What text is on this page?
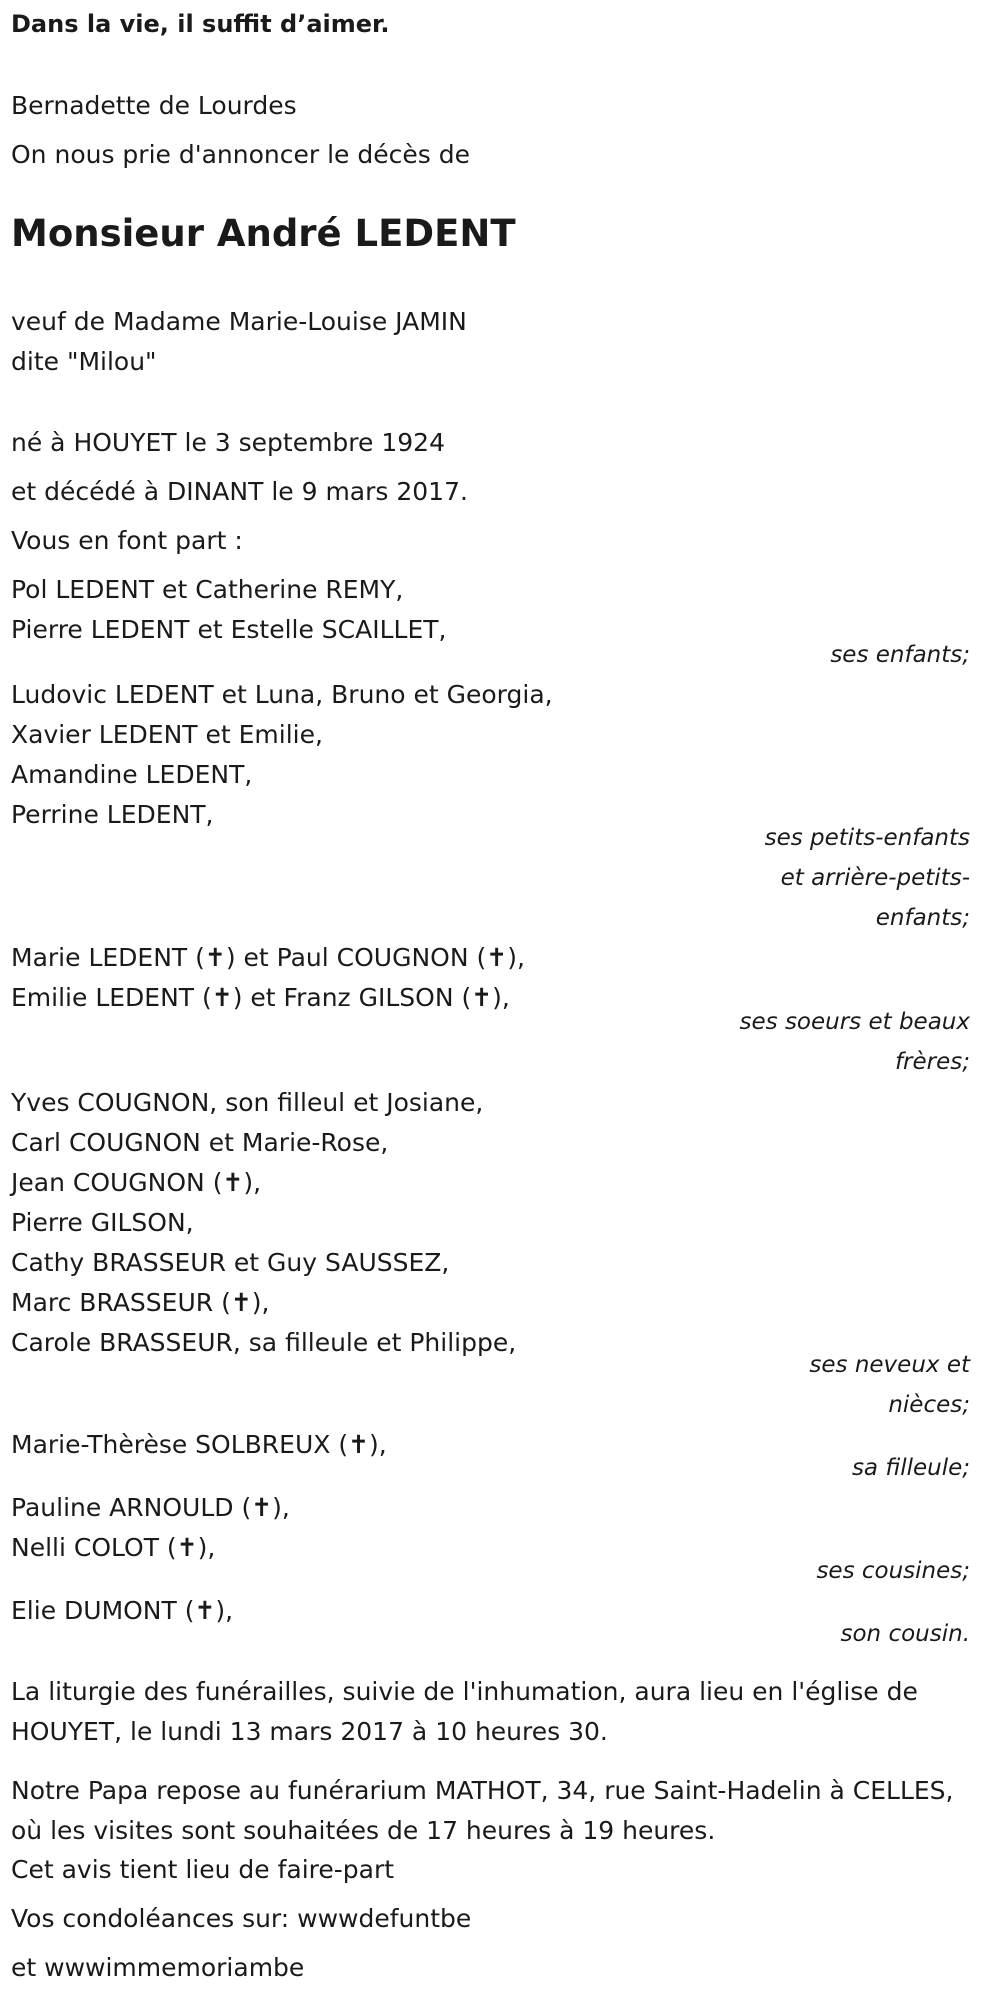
Dans la vie, il suffit d’aimer.

Bernadette de Lourdes

On nous prie d'annoncer le décès de

Monsieur André LEDENT

veuf de Madame Marie-Louise JAMIN

dite "Milou"

né à HOUYET le 3 septembre 1924

et décédé à DINANT le 9 mars 2017.

Vous en font part :

Pol LEDENT et Catherine REMY,

Pierre LEDENT et Estelle SCAILLET,

ses enfants;

Ludovic LEDENT et Luna, Bruno et Georgia,

Xavier LEDENT et Emilie,

Amandine LEDENT,

Perrine LEDENT,

ses petits-enfants

et arrière-petits-

enfants;

Marie LEDENT (✝) et Paul COUGNON (✝),

Emilie LEDENT (✝) et Franz GILSON (✝),

ses soeurs et beaux

frères;

Yves COUGNON, son filleul et Josiane,

Carl COUGNON et Marie-Rose,

Jean COUGNON (✝),

Pierre GILSON,

Cathy BRASSEUR et Guy SAUSSEZ,

Marc BRASSEUR (✝),

Carole BRASSEUR, sa filleule et Philippe,

ses neveux et

nièces;

Marie-Thèrèse SOLBREUX (✝),

sa filleule;

Pauline ARNOULD (✝),

Nelli COLOT (✝),

ses cousines;

Elie DUMONT (✝),

son cousin.

La liturgie des funérailles, suivie de l'inhumation, aura lieu en l'église de HOUYET, le lundi 13 mars 2017 à 10 heures 30.

Notre Papa repose au funérarium MATHOT, 34, rue Saint-Hadelin à CELLES, où les visites sont souhaitées de 17 heures à 19 heures.

Cet avis tient lieu de faire-part

Vos condoléances sur: wwwdefuntbe

et wwwimmemoriambe
